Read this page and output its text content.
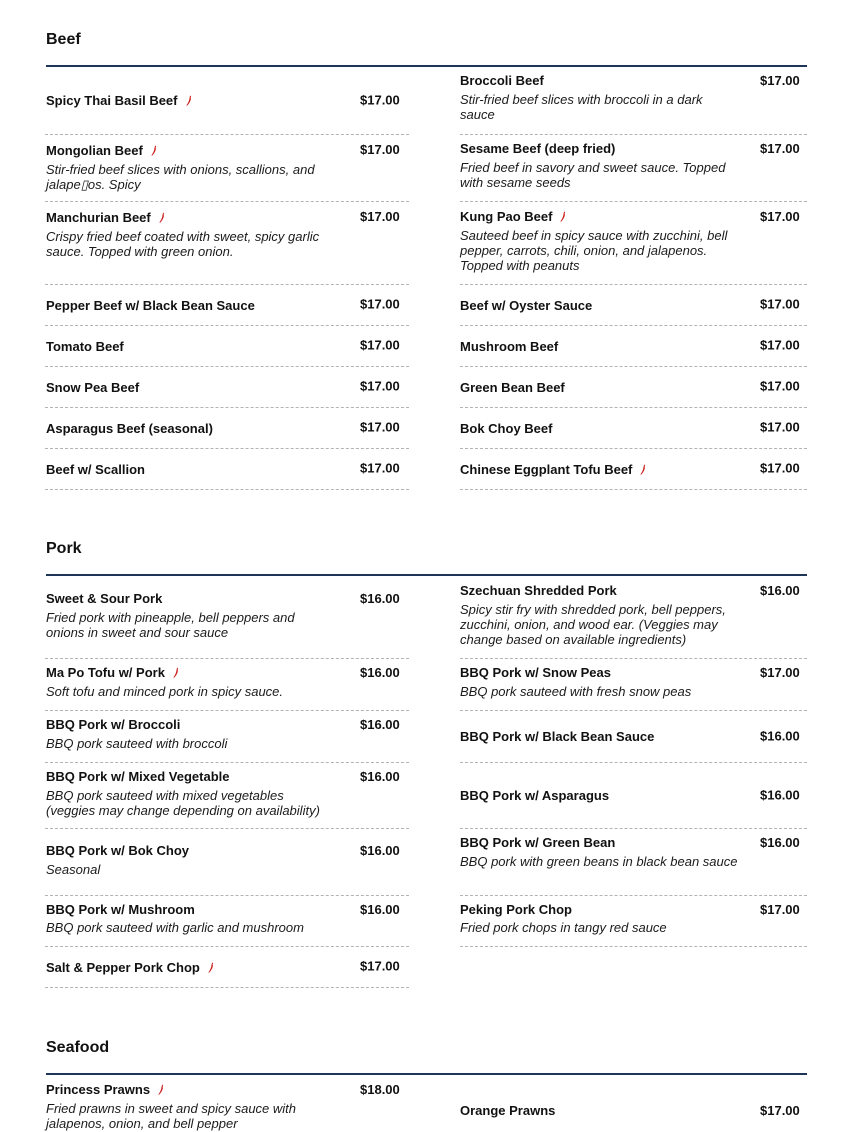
Beef
Spicy Thai Basil Beef	$17.00
Mongolian Beef
Stir-fried beef slices with onions, scallions, and jalape▯os. Spicy
$17.00
Manchurian Beef
Crispy fried beef coated with sweet, spicy garlic sauce. Topped with green onion.
$17.00
Pepper Beef w/ Black Bean Sauce	$17.00
Tomato Beef	$17.00
Snow Pea Beef	$17.00
Asparagus Beef (seasonal)	$17.00
Beef w/ Scallion	$17.00
Broccoli Beef
Stir-fried beef slices with broccoli in a dark sauce
$17.00
Sesame Beef (deep fried)
Fried beef in savory and sweet sauce. Topped with sesame seeds
$17.00
Kung Pao Beef
Sauteed beef in spicy sauce with zucchini, bell pepper, carrots, chili, onion, and jalapenos. Topped with peanuts
$17.00
Beef w/ Oyster Sauce	$17.00
Mushroom Beef	$17.00
Green Bean Beef	$17.00
Bok Choy Beef	$17.00
Chinese Eggplant Tofu Beef	$17.00
Pork
Sweet & Sour Pork
Fried pork with pineapple, bell peppers and onions in sweet and sour sauce
$16.00
Ma Po Tofu w/ Pork
Soft tofu and minced pork in spicy sauce.
$16.00
BBQ Pork w/ Broccoli
BBQ pork sauteed with broccoli
$16.00
BBQ Pork w/ Mixed Vegetable
BBQ pork sauteed with mixed vegetables (veggies may change depending on availability)
$16.00
BBQ Pork w/ Bok Choy
Seasonal
$16.00
BBQ Pork w/ Mushroom
BBQ pork sauteed with garlic and mushroom
$16.00
Salt & Pepper Pork Chop	$17.00
Szechuan Shredded Pork
Spicy stir fry with shredded pork, bell peppers, zucchini, onion, and wood ear. (Veggies may change based on available ingredients)
$16.00
BBQ Pork w/ Snow Peas
BBQ pork sauteed with fresh snow peas
$17.00
BBQ Pork w/ Black Bean Sauce	$16.00
BBQ Pork w/ Asparagus	$16.00
BBQ Pork w/ Green Bean
BBQ pork with green beans in black bean sauce
$16.00
Peking Pork Chop
Fried pork chops in tangy red sauce
$17.00
Seafood
Princess Prawns
Fried prawns in sweet and spicy sauce with jalapenos, onion, and bell pepper
$18.00
Orange Prawns	$17.00
